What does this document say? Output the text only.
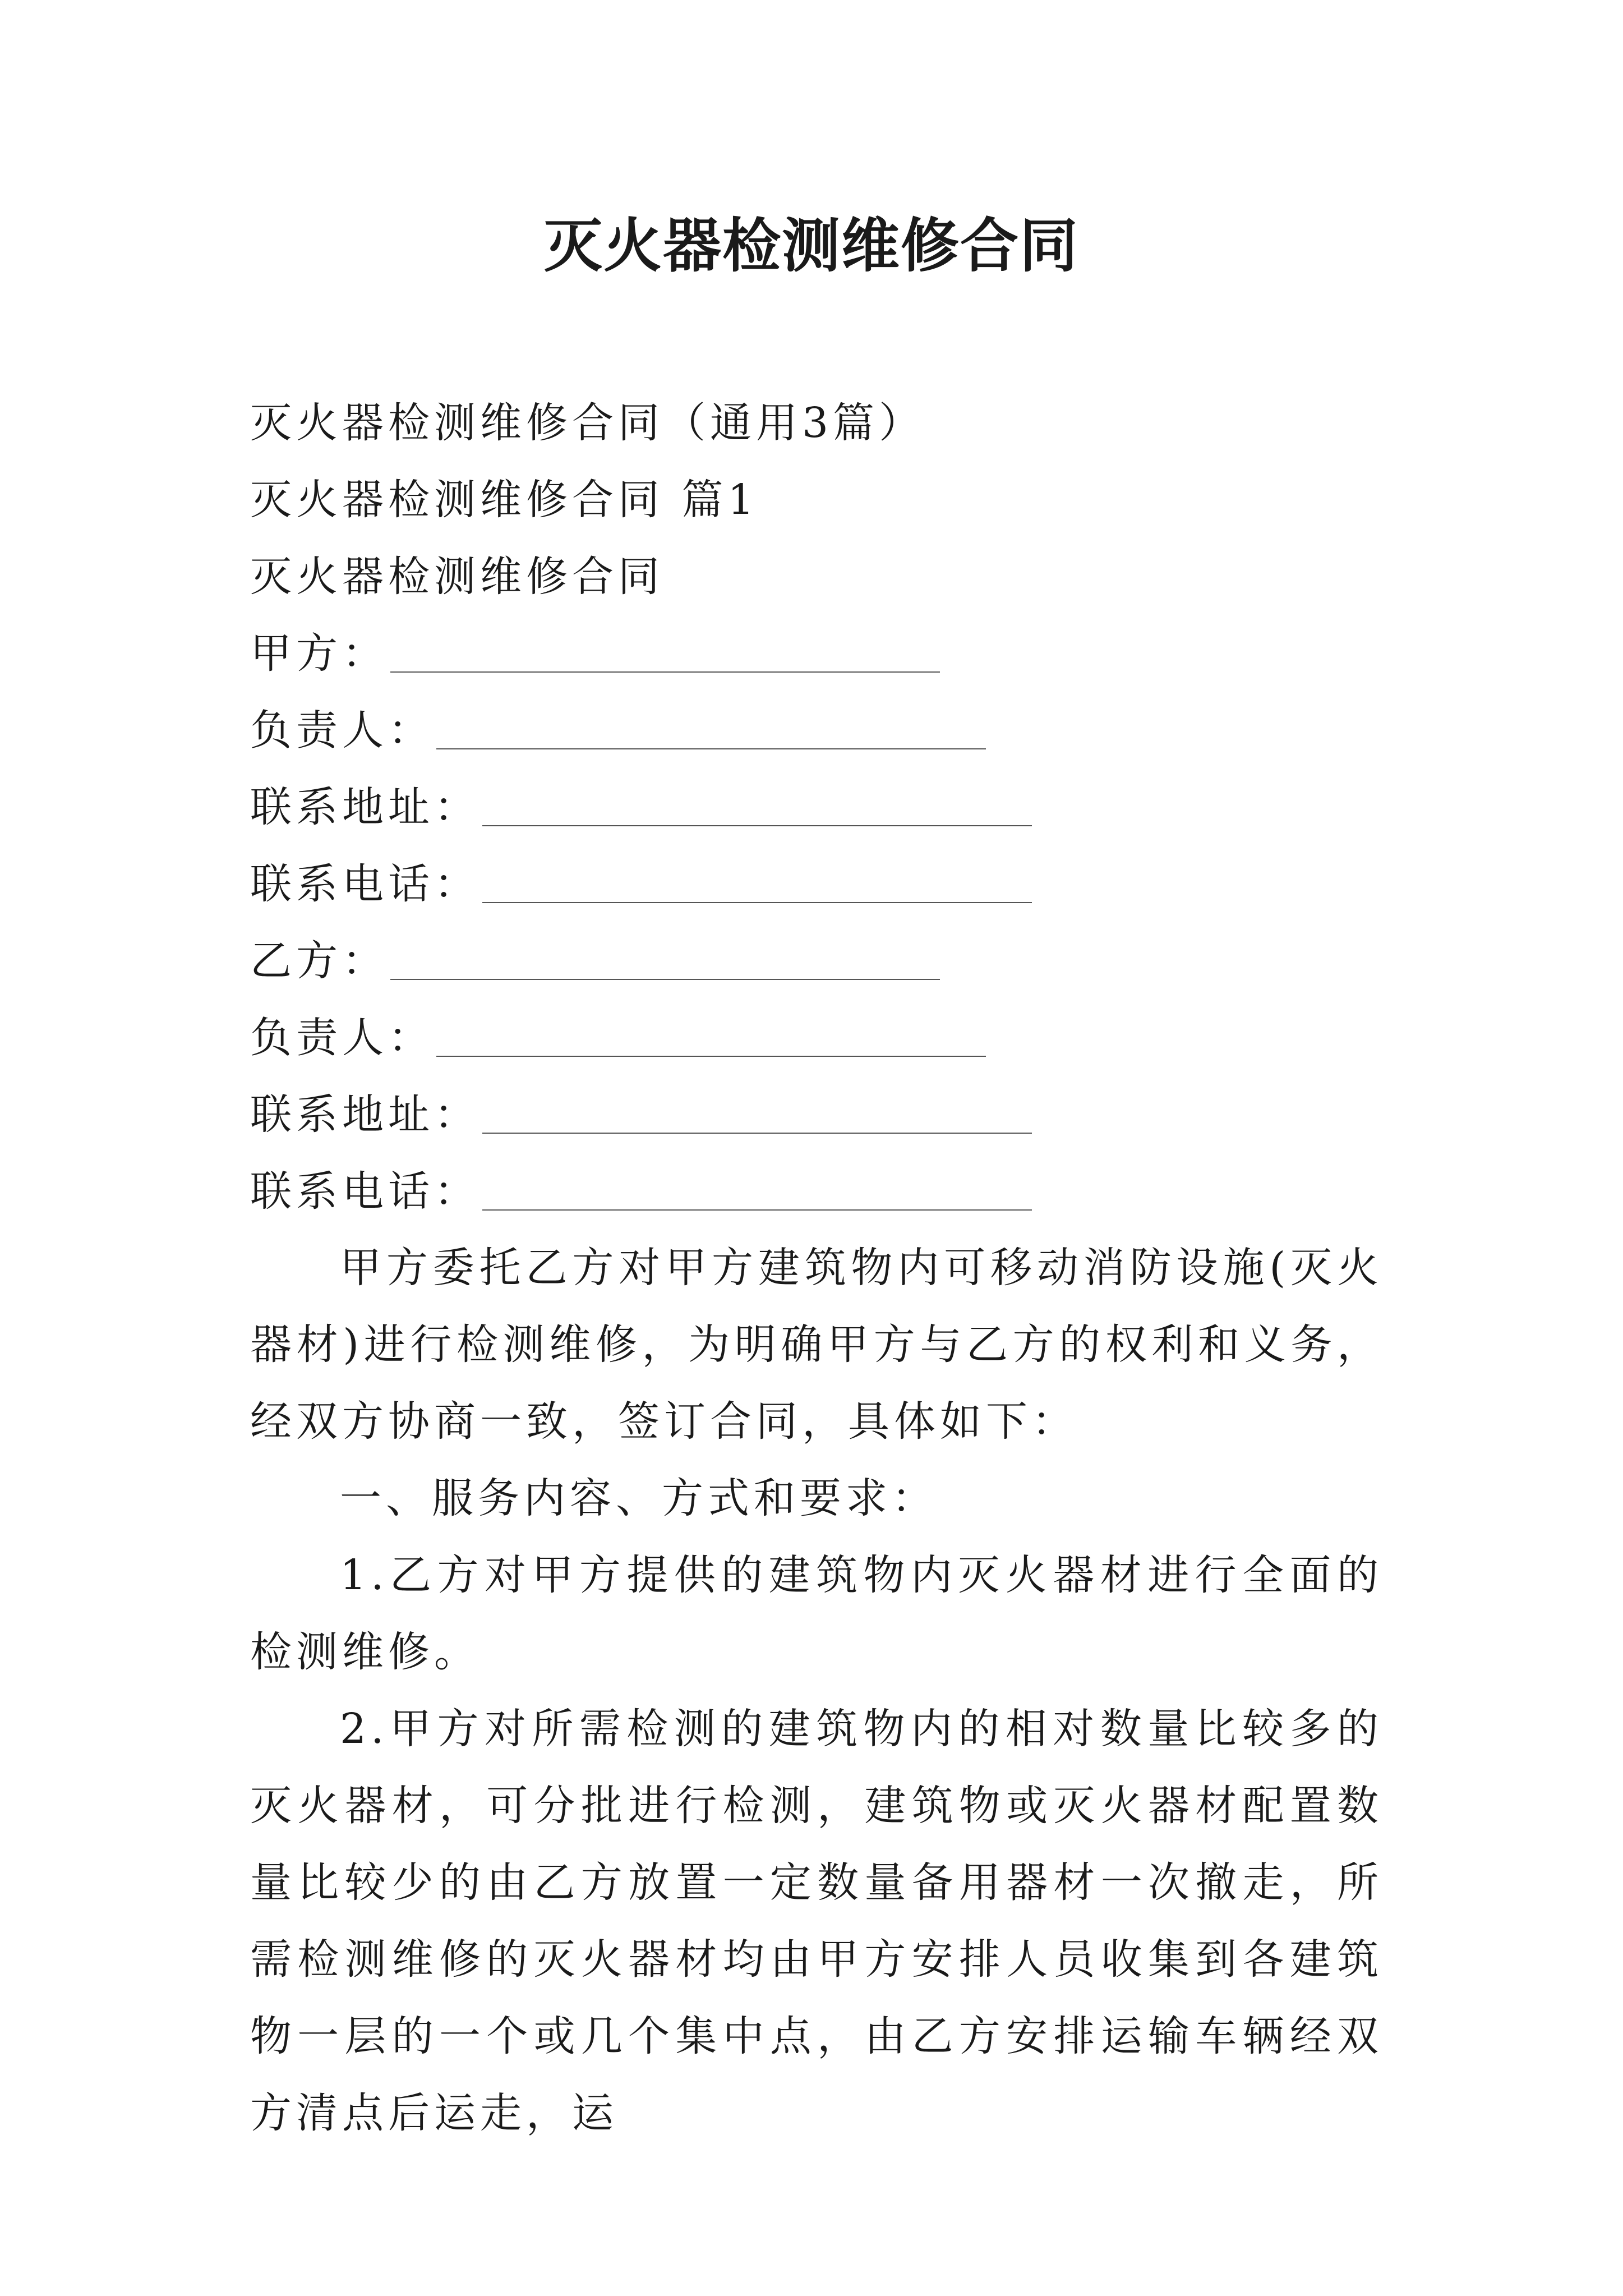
灭火器检测维修合同
灭火器检测维修合同（通用3篇）
灭火器检测维修合同 篇1
灭火器检测维修合同
甲方：
负责人：
联系地址：
联系电话：
乙方：
负责人：
联系地址：
联系电话：
甲方委托乙方对甲方建筑物内可移动消防设施(灭火器材)进行检测维修，为明确甲方与乙方的权利和义务，经双方协商一致，签订合同，具体如下：
一、服务内容、方式和要求：
1.乙方对甲方提供的建筑物内灭火器材进行全面的检测维修。
2.甲方对所需检测的建筑物内的相对数量比较多的灭火器材，可分批进行检测，建筑物或灭火器材配置数量比较少的由乙方放置一定数量备用器材一次撤走，所需检测维修的灭火器材均由甲方安排人员收集到各建筑物一层的一个或几个集中点，由乙方安排运输车辆经双方清点后运走，运
